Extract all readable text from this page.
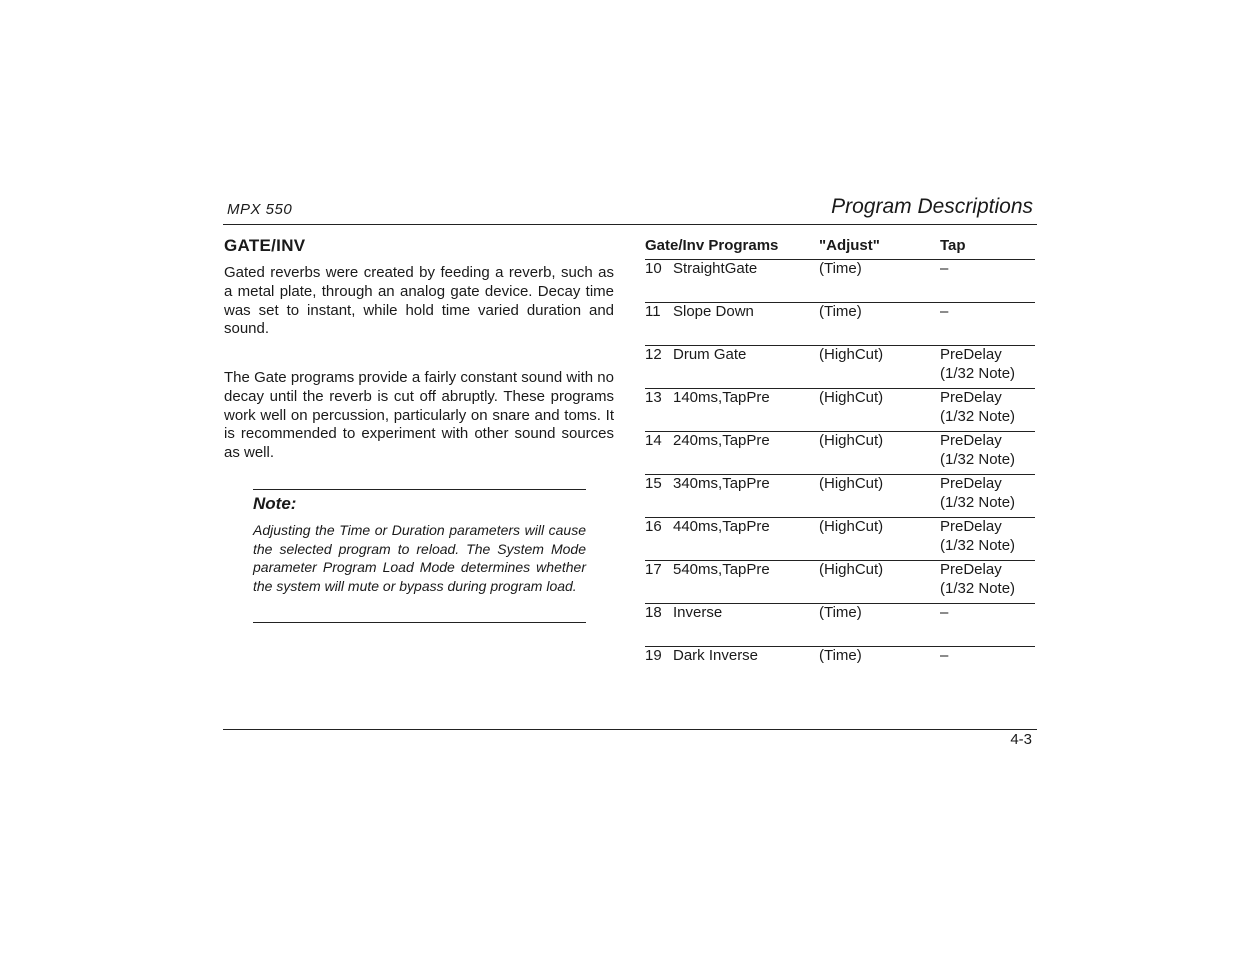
MPX 550	Program Descriptions
GATE/INV

Gated reverbs were created by feeding a reverb, such as a metal plate, through an analog gate device. Decay time was set to instant, while hold time varied duration and sound.

The Gate programs provide a fairly constant sound with no decay until the reverb is cut off abruptly. These programs work well on percussion, particularly on snare and toms. It is recommended to experiment with other sound sources as well.

Note:

Adjusting the Time or Duration parameters will cause the selected program to reload. The System Mode parameter Program Load Mode determines whether the system will mute or bypass during program load.

Gate/Inv Programs	"Adjust"	Tap
10 StraightGate	(Time)	–
11 Slope Down	(Time)	–
12 Drum Gate	(HighCut)	PreDelay
(1/32 Note)
13 140ms,TapPre	(HighCut)	PreDelay
(1/32 Note)
14 240ms,TapPre	(HighCut)	PreDelay
(1/32 Note)
15 340ms,TapPre	(HighCut)	PreDelay
(1/32 Note)
16 440ms,TapPre	(HighCut)	PreDelay
(1/32 Note)
17 540ms,TapPre	(HighCut)	PreDelay
(1/32 Note)
18 Inverse	(Time)	–
19 Dark Inverse	(Time)	–
4-3
